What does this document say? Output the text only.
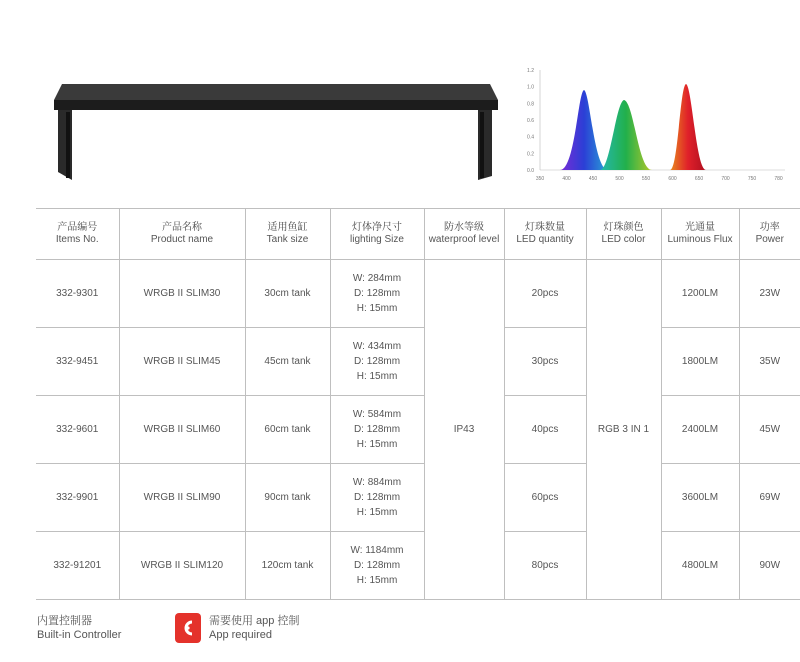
1.2
1.0
0.8
0.6
0.4
0.2
0.0
350	400	450	500	550	600	650	700	750	780
产品编号
Items No.	产品名称
Product name	适用鱼缸
Tank size	灯体净尺寸
lighting Size	防水等级
waterproof level	灯珠数量
LED quantity	灯珠颜色
LED color	光通量
Luminous Flux	功率
Power

332-9301	WRGB II SLIM30	30cm tank	W: 284mm
D: 128mm
H: 15mm	IP43	20pcs	RGB 3 IN 1	1200LM	23W
332-9451	WRGB II SLIM45	45cm tank	W: 434mm
D: 128mm
H: 15mm		30pcs		1800LM	35W
332-9601	WRGB II SLIM60	60cm tank	W: 584mm
D: 128mm
H: 15mm		40pcs		2400LM	45W
332-9901	WRGB II SLIM90	90cm tank	W: 884mm
D: 128mm
H: 15mm		60pcs		3600LM	69W
332-91201	WRGB II SLIM120	120cm tank	W: 1184mm
D: 128mm
H: 15mm		80pcs		4800LM	90W
内置控制器
Built-in Controller
需要使用 app 控制
App required
